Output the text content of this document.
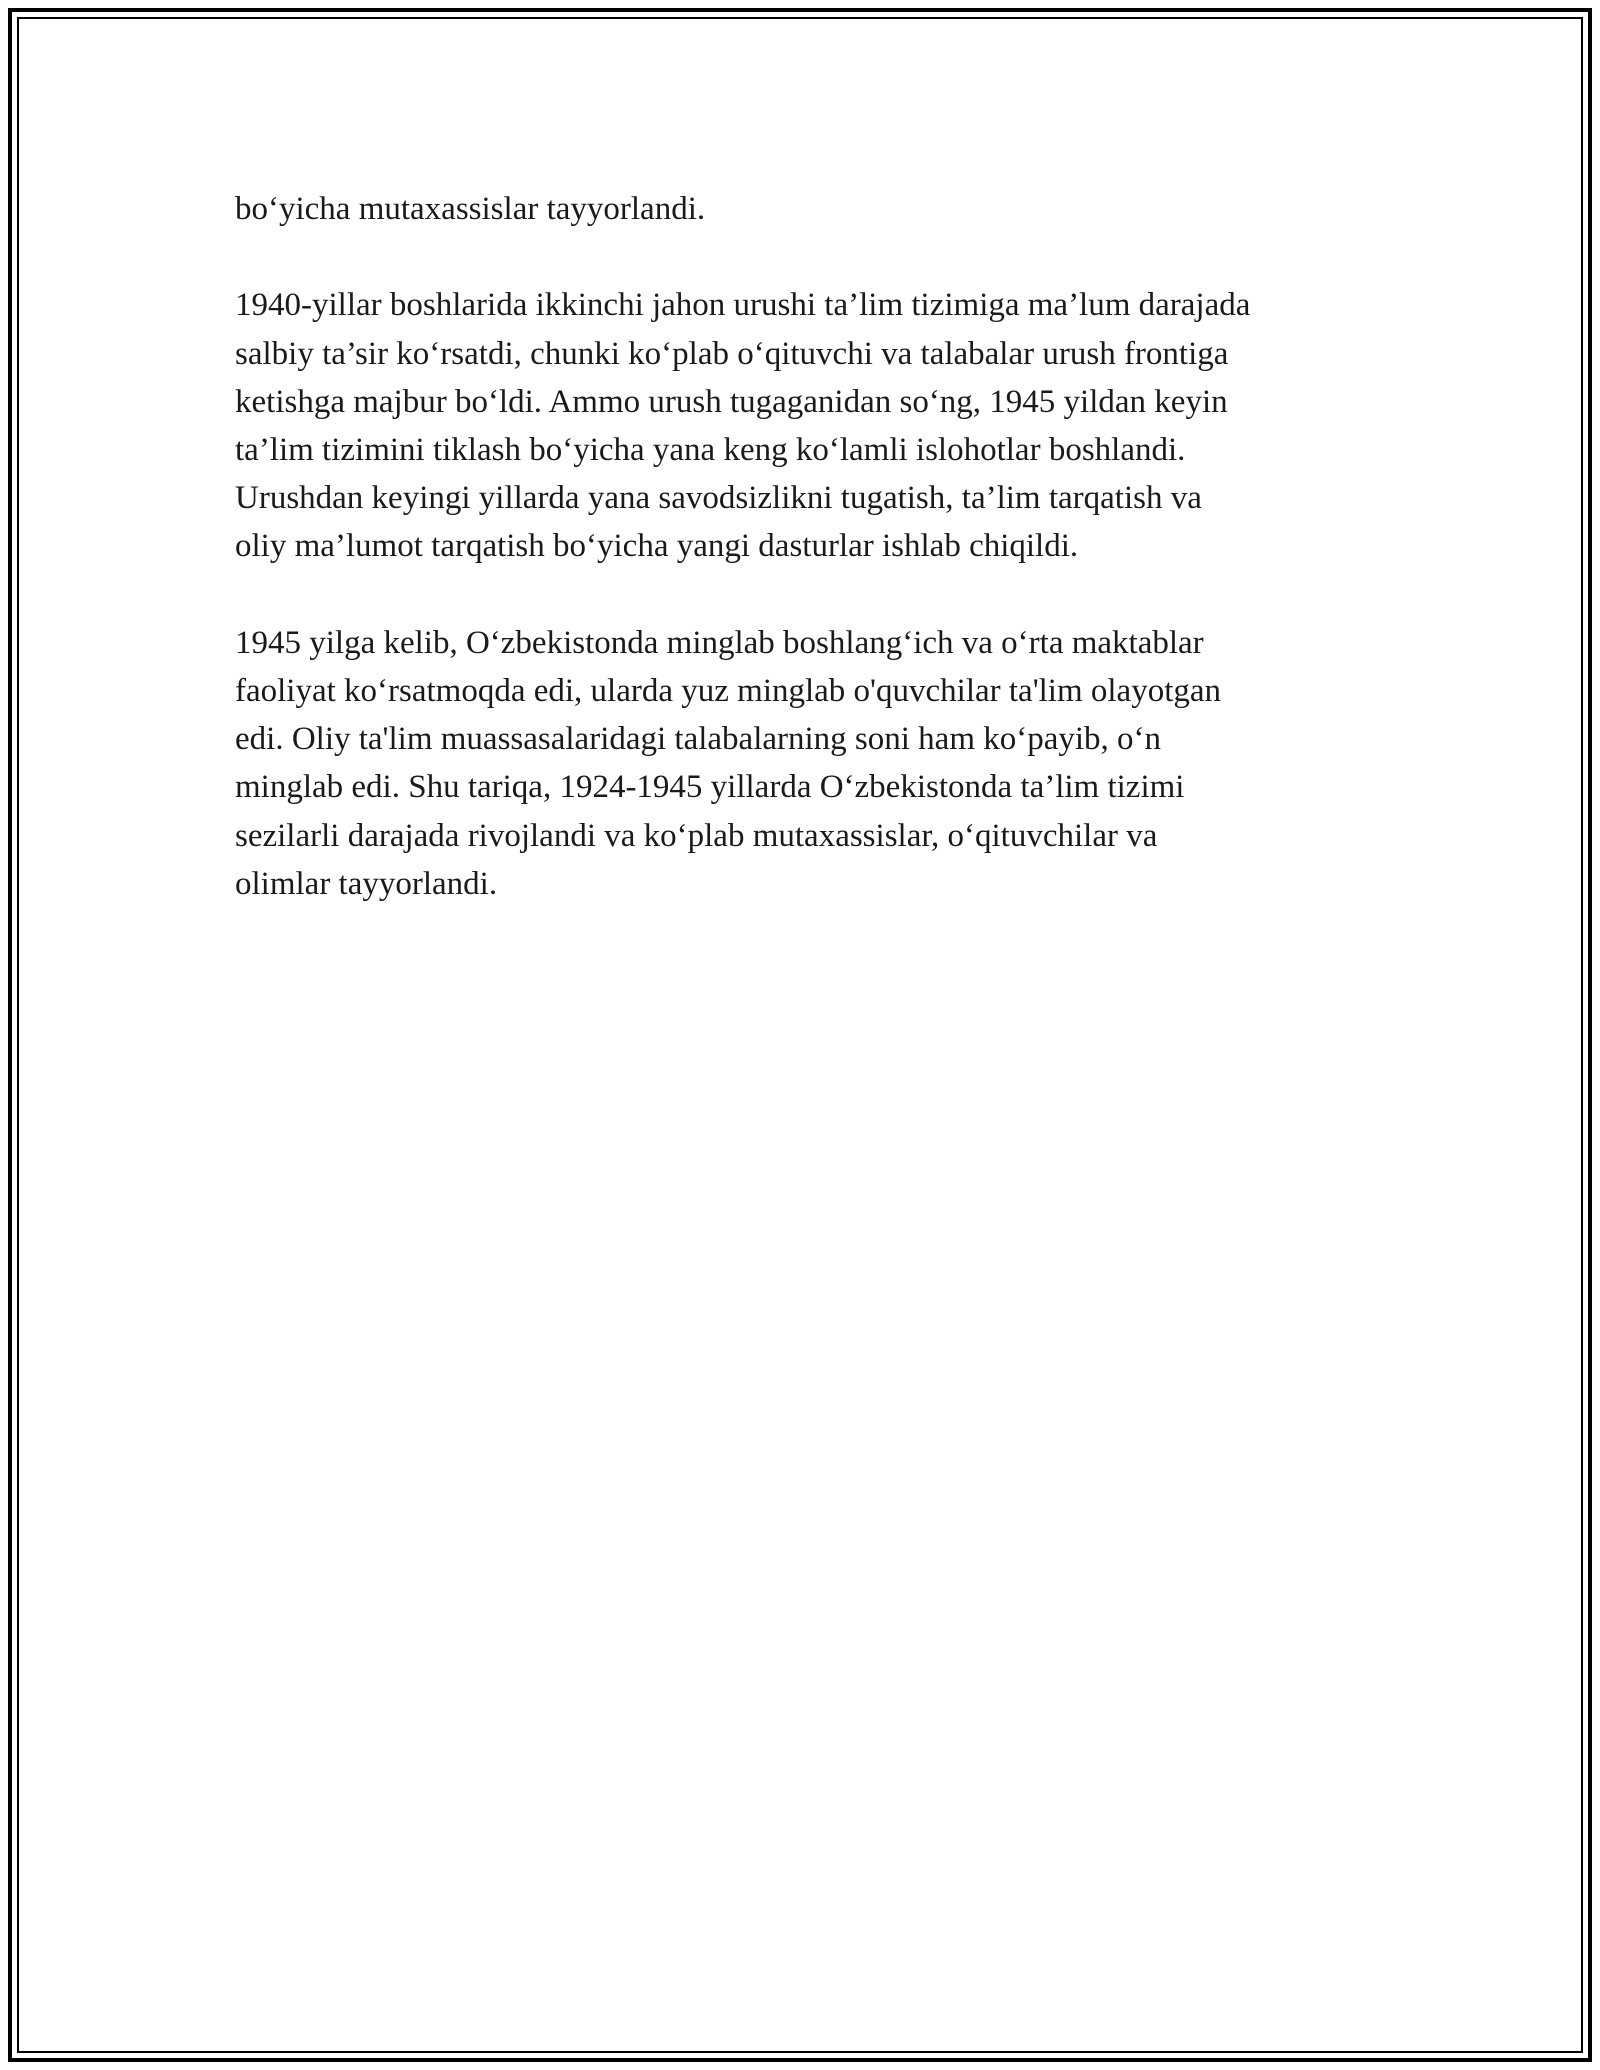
bo‘yicha mutaxassislar tayyorlandi.

1940-yillar boshlarida ikkinchi jahon urushi ta’lim tizimiga ma’lum darajada
salbiy ta’sir ko‘rsatdi, chunki ko‘plab o‘qituvchi va talabalar urush frontiga
ketishga majbur bo‘ldi. Ammo urush tugaganidan so‘ng, 1945 yildan keyin
ta’lim tizimini tiklash bo‘yicha yana keng ko‘lamli islohotlar boshlandi.
Urushdan keyingi yillarda yana savodsizlikni tugatish, ta’lim tarqatish va
oliy ma’lumot tarqatish bo‘yicha yangi dasturlar ishlab chiqildi.

1945 yilga kelib, O‘zbekistonda minglab boshlang‘ich va o‘rta maktablar
faoliyat ko‘rsatmoqda edi, ularda yuz minglab o'quvchilar ta'lim olayotgan
edi. Oliy ta'lim muassasalaridagi talabalarning soni ham ko‘payib, o‘n
minglab edi. Shu tariqa, 1924-1945 yillarda O‘zbekistonda ta’lim tizimi
sezilarli darajada rivojlandi va ko‘plab mutaxassislar, o‘qituvchilar va
olimlar tayyorlandi.
